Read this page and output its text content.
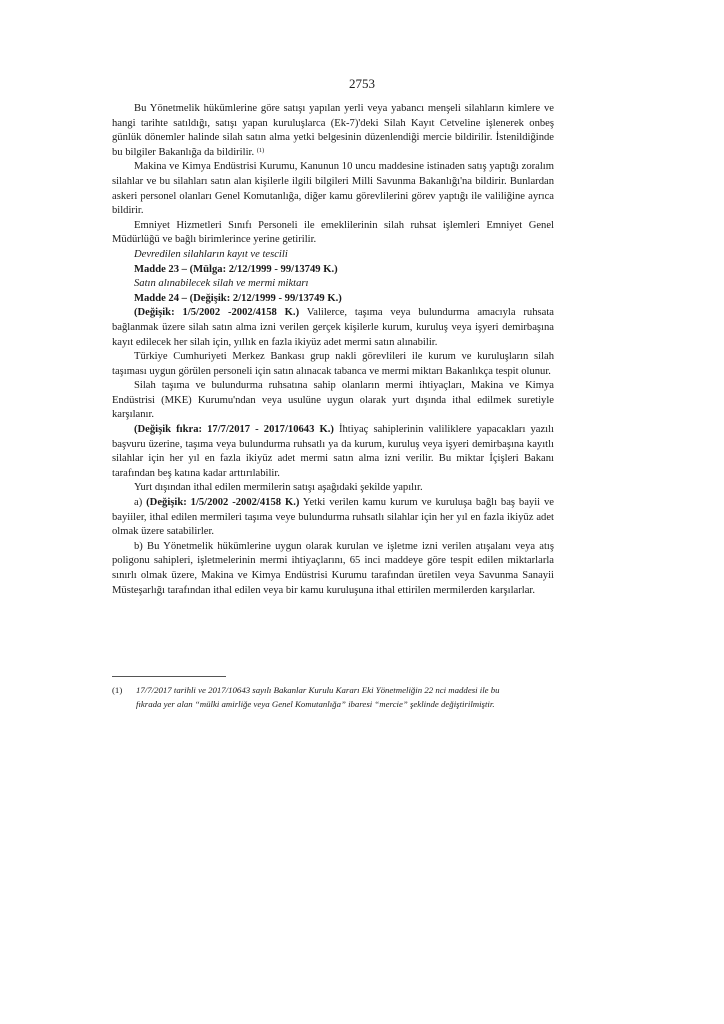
2753

Bu Yönetmelik hükümlerine göre satışı yapılan yerli veya yabancı menşeli silahların kimlere ve hangi tarihte satıldığı, satışı yapan kuruluşlarca (Ek-7)'deki Silah Kayıt Cetveline işlenerek onbeş günlük dönemler halinde silah satın alma yetki belgesinin düzenlendiği mercie bildirilir. İstenildiğinde bu bilgiler Bakanlığa da bildirilir. $^{(1)}$

Makina ve Kimya Endüstrisi Kurumu, Kanunun 10 uncu maddesine istinaden satış yaptığı zoralım silahlar ve bu silahları satın alan kişilerle ilgili bilgileri Milli Savunma Bakanlığı'na bildirir. Bunlardan askeri personel olanları Genel Komutanlığa, diğer kamu görevlilerini görev yaptığı ile valiliğine ayrıca bildirir.

Emniyet Hizmetleri Sınıfı Personeli ile emeklilerinin silah ruhsat işlemleri Emniyet Genel Müdürlüğü ve bağlı birimlerince yerine getirilir.

Devredilen silahların kayıt ve tescili

Madde 23 – (Mülga: 2/12/1999 - 99/13749 K.)

Satın alınabilecek silah ve mermi miktarı

Madde 24 – (Değişik: 2/12/1999 - 99/13749 K.)

(Değişik: 1/5/2002 -2002/4158 K.) Valilerce, taşıma veya bulundurma amacıyla ruhsata bağlanmak üzere silah satın alma izni verilen gerçek kişilerle kurum, kuruluş veya işyeri demirbaşına kayıt edilecek her silah için, yıllık en fazla ikiyüz adet mermi satın alınabilir.

Türkiye Cumhuriyeti Merkez Bankası grup nakli görevlileri ile kurum ve kuruluşların silah taşıması uygun görülen personeli için satın alınacak tabanca ve mermi miktarı Bakanlıkça tespit olunur.

Silah taşıma ve bulundurma ruhsatına sahip olanların mermi ihtiyaçları, Makina ve Kimya Endüstrisi (MKE) Kurumu'ndan veya usulüne uygun olarak yurt dışında ithal edilmek suretiyle karşılanır.

(Değişik fıkra: 17/7/2017 - 2017/10643 K.) İhtiyaç sahiplerinin valiliklere yapacakları yazılı başvuru üzerine, taşıma veya bulundurma ruhsatlı ya da kurum, kuruluş veya işyeri demirbaşına kayıtlı silahlar için her yıl en fazla ikiyüz adet mermi satın alma izni verilir. Bu miktar İçişleri Bakanı tarafından beş katına kadar arttırılabilir.

Yurt dışından ithal edilen mermilerin satışı aşağıdaki şekilde yapılır.

a) (Değişik: 1/5/2002 -2002/4158 K.) Yetki verilen kamu kurum ve kuruluşa bağlı baş bayii ve bayiiler, ithal edilen mermileri taşıma veye bulundurma ruhsatlı silahlar için her yıl en fazla ikiyüz adet olmak üzere satabilirler.

b) Bu Yönetmelik hükümlerine uygun olarak kurulan ve işletme izni verilen atışalanı veya atış poligonu sahipleri, işletmelerinin mermi ihtiyaçlarını, 65 inci maddeye göre tespit edilen miktarlarla sınırlı olmak üzere, Makina ve Kimya Endüstrisi Kurumu tarafından üretilen veya Savunma Sanayii Müsteşarlığı tarafından ithal edilen veya bir kamu kuruluşuna ithal ettirilen mermilerden karşılarlar.

(1) 17/7/2017 tarihli ve 2017/10643 sayılı Bakanlar Kurulu Kararı Eki Yönetmeliğin 22 nci maddesi ile bu
fıkrada yer alan “mülki amirliğe veya Genel Komutanlığa” ibaresi “mercie” şeklinde değiştirilmiştir.
